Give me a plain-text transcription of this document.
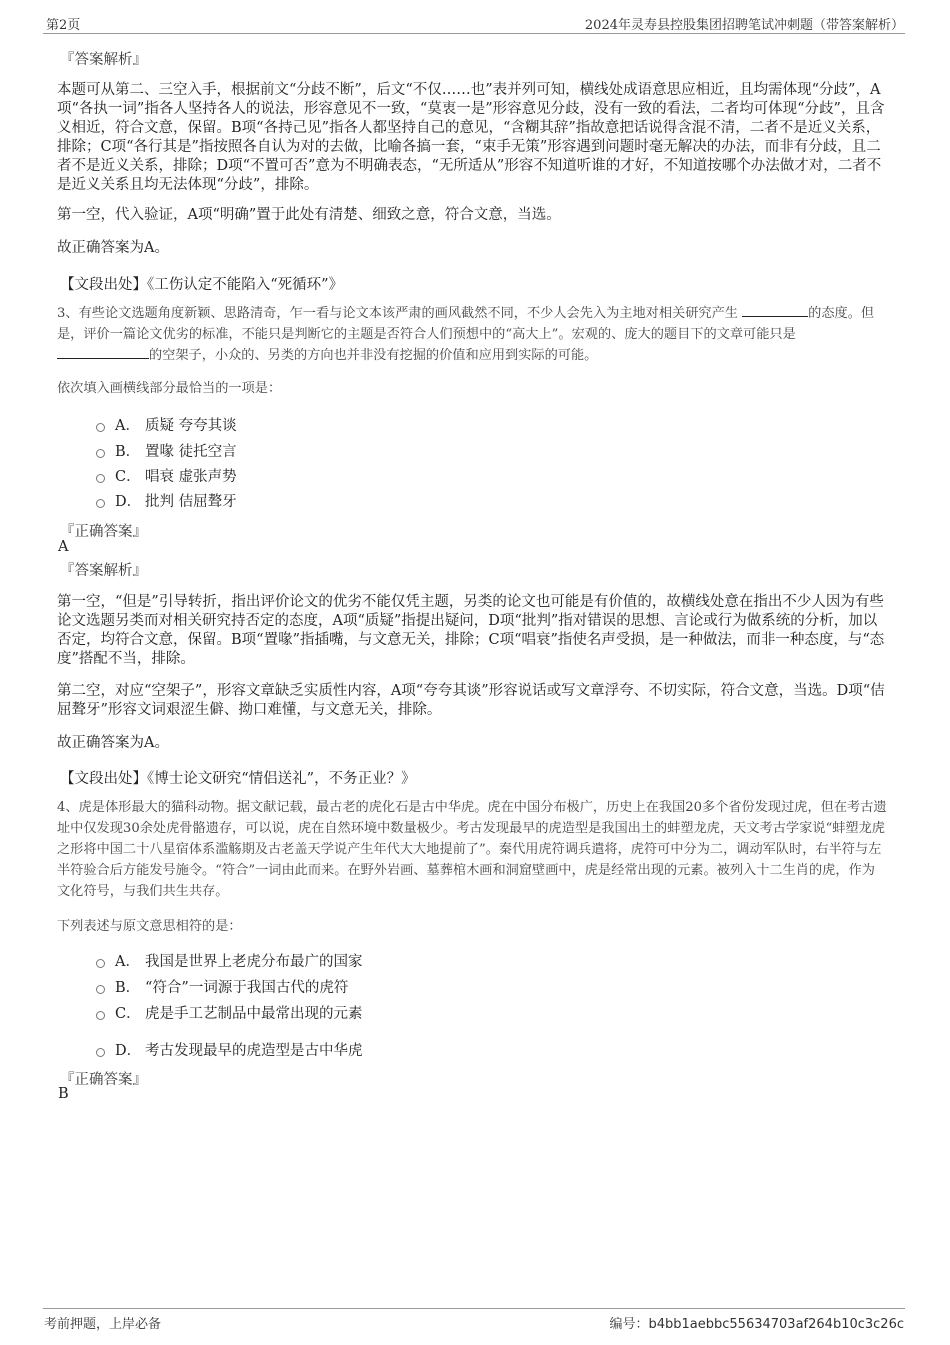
第2页	2024年灵寿县控股集团招聘笔试冲刺题（带答案解析）
『答案解析』

本题可从第二、三空入手，根据前文“分歧不断”，后文“不仅……也”表并列可知，横线处成语意思应相近，且均需体现“分歧”，A项“各执一词”指各人坚持各人的说法，形容意见不一致，“莫衷一是”形容意见分歧，没有一致的看法，二者均可体现“分歧”，且含义相近，符合文意，保留。B项“各持己见”指各人都坚持自己的意见，“含糊其辞”指故意把话说得含混不清，二者不是近义关系，排除；C项“各行其是”指按照各自认为对的去做，比喻各搞一套，“束手无策”形容遇到问题时毫无解决的办法，而非有分歧，且二者不是近义关系，排除；D项“不置可否”意为不明确表态，“无所适从”形容不知道听谁的才好，不知道按哪个办法做才对，二者不是近义关系且均无法体现“分歧”，排除。

第一空，代入验证，A项“明确”置于此处有清楚、细致之意，符合文意，当选。

故正确答案为A。

【文段出处】《工伤认定不能陷入“死循环”》

3、有些论文选题角度新颖、思路清奇，乍一看与论文本该严肃的画风截然不同，不少人会先入为主地对相关研究产生	的态度。但是，评价一篇论文优劣的标准，不能只是判断它的主题是否符合人们预想中的“高大上”。宏观的、庞大的题目下的文章可能只是
的空架子，小众的、另类的方向也并非没有挖掘的价值和应用到实际的可能。

依次填入画横线部分最恰当的一项是：
A． 质疑 夸夸其谈
B． 置喙 徒托空言
C． 唱衰 虚张声势
D． 批判 佶屈聱牙
『正确答案』
A
『答案解析』

第一空，“但是”引导转折，指出评价论文的优劣不能仅凭主题，另类的论文也可能是有价值的，故横线处意在指出不少人因为有些论文选题另类而对相关研究持否定的态度，A项“质疑”指提出疑问，D项“批判”指对错误的思想、言论或行为做系统的分析，加以否定，均符合文意，保留。B项“置喙”指插嘴，与文意无关，排除；C项“唱衰”指使名声受损，是一种做法，而非一种态度，与“态度”搭配不当，排除。

第二空，对应“空架子”，形容文章缺乏实质性内容，A项“夸夸其谈”形容说话或写文章浮夸、不切实际，符合文意，当选。D项“佶屈聱牙”形容文词艰涩生僻、拗口难懂，与文意无关，排除。

故正确答案为A。

【文段出处】《博士论文研究“情侣送礼”，不务正业？》

4、虎是体形最大的猫科动物。据文献记载，最古老的虎化石是古中华虎。虎在中国分布极广，历史上在我国20多个省份发现过虎，但在考古遗址中仅发现30余处虎骨骼遗存，可以说，虎在自然环境中数量极少。考古发现最早的虎造型是我国出土的蚌塑龙虎，天文考古学家说“蚌塑龙虎之形将中国二十八星宿体系滥觞期及古老盖天学说产生年代大大地提前了”。秦代用虎符调兵遣将，虎符可中分为二，调动军队时，右半符与左半符验合后方能发号施令。“符合”一词由此而来。在野外岩画、墓葬棺木画和洞窟壁画中，虎是经常出现的元素。被列入十二生肖的虎，作为文化符号，与我们共生共存。

下列表述与原文意思相符的是：
A． 我国是世界上老虎分布最广的国家
B． “符合”一词源于我国古代的虎符
C． 虎是手工艺制品中最常出现的元素
D． 考古发现最早的虎造型是古中华虎
『正确答案』
B
考前押题，上岸必备	编号：b4bb1aebbc55634703af264b10c3c26c
